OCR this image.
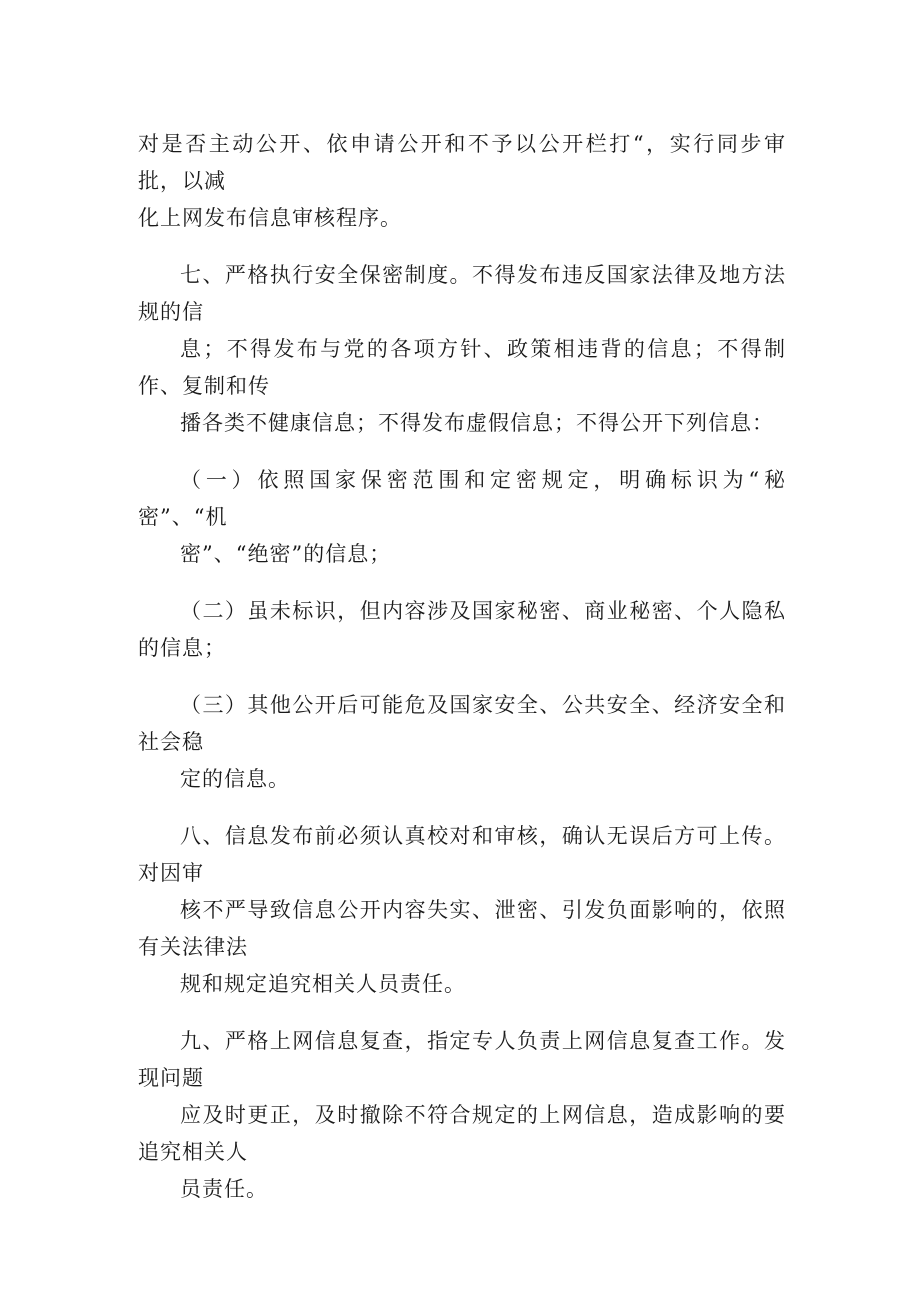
对是否主动公开、依申请公开和不予以公开栏打“，实行同步审批，以减
化上网发布信息审核程序。

七、严格执行安全保密制度。不得发布违反国家法律及地方法规的信
息；不得发布与党的各项方针、政策相违背的信息；不得制作、复制和传
播各类不健康信息；不得发布虚假信息；不得公开下列信息：

（一）依照国家保密范围和定密规定，明确标识为“秘密”、“机
密”、“绝密”的信息；

（二）虽未标识，但内容涉及国家秘密、商业秘密、个人隐私的信息；

（三）其他公开后可能危及国家安全、公共安全、经济安全和社会稳
定的信息。

八、信息发布前必须认真校对和审核，确认无误后方可上传。对因审
核不严导致信息公开内容失实、泄密、引发负面影响的，依照有关法律法
规和规定追究相关人员责任。

九、严格上网信息复查，指定专人负责上网信息复查工作。发现问题
应及时更正，及时撤除不符合规定的上网信息，造成影响的要追究相关人
员责任。
